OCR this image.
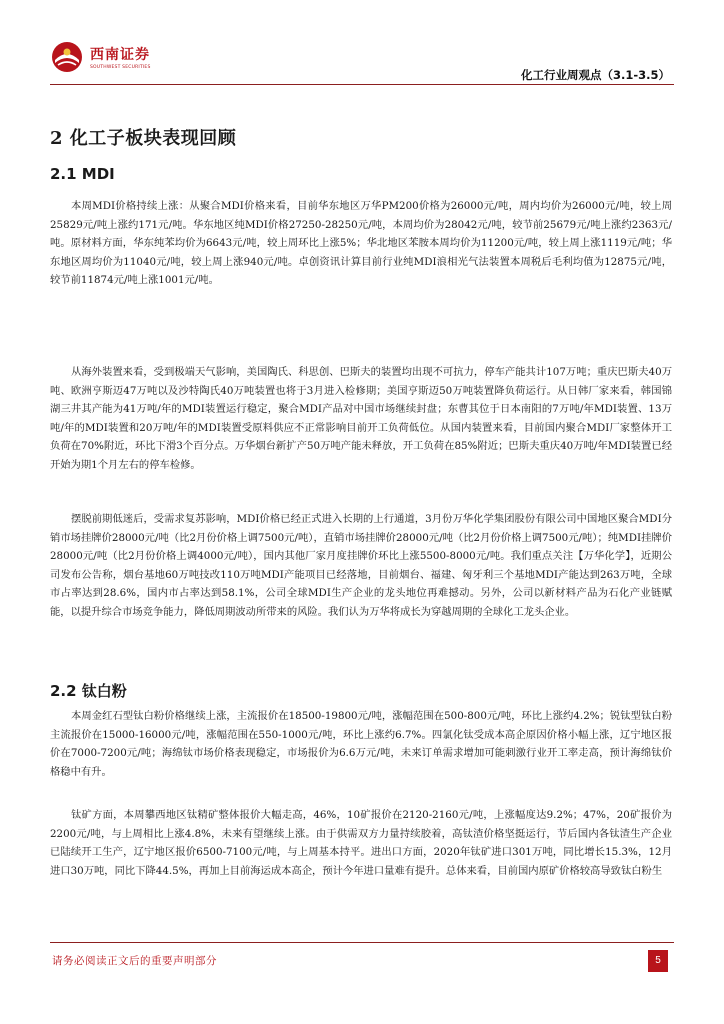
西南证券
SOUTHWEST SECURITIES
化工行业周观点（3.1-3.5）
2 化工子板块表现回顾
2.1 MDI

本周MDI价格持续上涨：从聚合MDI价格来看，目前华东地区万华PM200价格为26000元/吨，周内均价为26000元/吨，较上周25829元/吨上涨约171元/吨。华东地区纯MDI价格27250-28250元/吨，本周均价为28042元/吨，较节前25679元/吨上涨约2363元/吨。原材料方面，华东纯苯均价为6643元/吨，较上周环比上涨5%；华北地区苯胺本周均价为11200元/吨，较上周上涨1119元/吨；华东地区周均价为11040元/吨，较上周上涨940元/吨。卓创资讯计算目前行业纯MDI浪相光气法装置本周税后毛利均值为12875元/吨，较节前11874元/吨上涨1001元/吨。

从海外装置来看，受到极端天气影响，美国陶氏、科思创、巴斯夫的装置均出现不可抗力，停车产能共计107万吨；重庆巴斯夫40万吨、欧洲亨斯迈47万吨以及沙特陶氏40万吨装置也将于3月进入检修期；美国亨斯迈50万吨装置降负荷运行。从日韩厂家来看，韩国锦湖三井其产能为41万吨/年的MDI装置运行稳定，聚合MDI产品对中国市场继续封盘；东曹其位于日本南阳的7万吨/年MDI装置、13万吨/年的MDI装置和20万吨/年的MDI装置受原料供应不正常影响目前开工负荷低位。从国内装置来看，目前国内聚合MDI厂家整体开工负荷在70%附近，环比下滑3个百分点。万华烟台新扩产50万吨产能未释放，开工负荷在85%附近；巴斯夫重庆40万吨/年MDI装置已经开始为期1个月左右的停车检修。

摆脱前期低迷后，受需求复苏影响，MDI价格已经正式进入长期的上行通道，3月份万华化学集团股份有限公司中国地区聚合MDI分销市场挂牌价28000元/吨（比2月份价格上调7500元/吨），直销市场挂牌价28000元/吨（比2月份价格上调7500元/吨）；纯MDI挂牌价28000元/吨（比2月份价格上调4000元/吨），国内其他厂家月度挂牌价环比上涨5500-8000元/吨。我们重点关注【万华化学】，近期公司发布公告称，烟台基地60万吨技改110万吨MDI产能项目已经落地，目前烟台、福建、匈牙利三个基地MDI产能达到263万吨，全球市占率达到28.6%，国内市占率达到58.1%，公司全球MDI生产企业的龙头地位再难撼动。另外，公司以新材料产品为石化产业链赋能，以提升综合市场竞争能力，降低周期波动所带来的风险。我们认为万华将成长为穿越周期的全球化工龙头企业。

2.2 钛白粉

本周金红石型钛白粉价格继续上涨，主流报价在18500-19800元/吨，涨幅范围在500-800元/吨，环比上涨约4.2%；锐钛型钛白粉主流报价在15000-16000元/吨，涨幅范围在550-1000元/吨，环比上涨约6.7%。四氯化钛受成本高企原因价格小幅上涨，辽宁地区报价在7000-7200元/吨；海绵钛市场价格表现稳定，市场报价为6.6万元/吨，未来订单需求增加可能刺激行业开工率走高，预计海绵钛价格稳中有升。

钛矿方面，本周攀西地区钛精矿整体报价大幅走高，46%，10矿报价在2120-2160元/吨，上涨幅度达9.2%；47%，20矿报价为2200元/吨，与上周相比上涨4.8%，未来有望继续上涨。由于供需双方力量持续胶着，高钛渣价格坚挺运行，节后国内各钛渣生产企业已陆续开工生产，辽宁地区报价6500-7100元/吨，与上周基本持平。进出口方面，2020年钛矿进口301万吨，同比增长15.3%，12月进口30万吨，同比下降44.5%，再加上目前海运成本高企，预计今年进口量难有提升。总体来看，目前国内原矿价格较高导致钛白粉生

请务必阅读正文后的重要声明部分	5
